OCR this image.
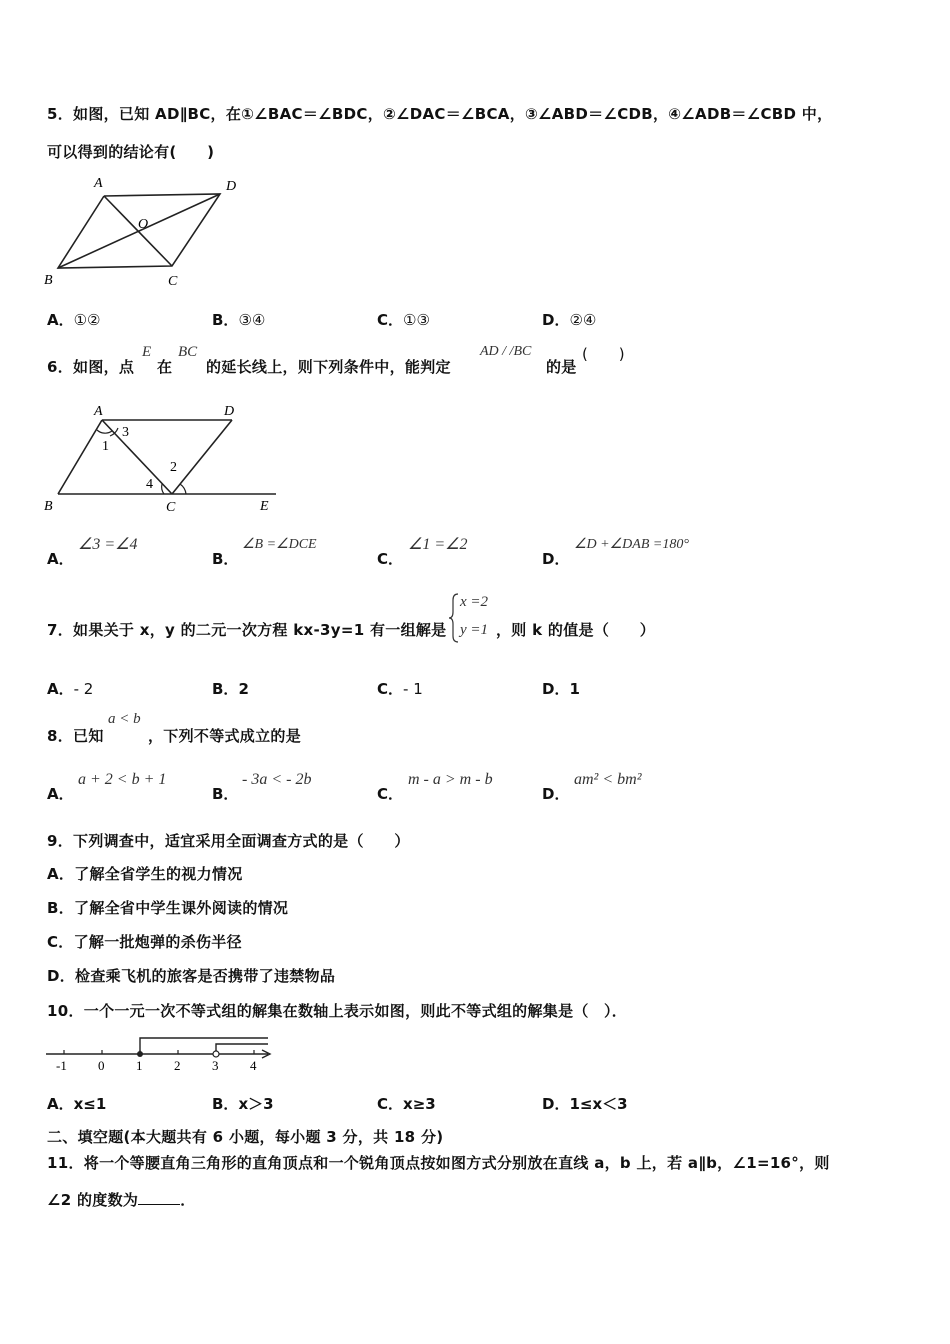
5．如图，已知 AD∥BC，在①∠BAC＝∠BDC，②∠DAC＝∠BCA，③∠ABD＝∠CDB，④∠ADB＝∠CBD 中，
可以得到的结论有(　　)
A	D
O
B	C
A．①②	B．③④	C．①③	D．②④
6．如图，点
E
在
BC
的延长线上，则下列条件中，能判定
AD / /BC
的是
(　　)
A	D
3
1
2
4
B	C	E
A．
∠3 =∠4
B．
∠B =∠DCE
C．
∠1 =∠2
D．
∠D +∠DAB =180°
7．如果关于 x，y 的二元一次方程 kx-3y=1 有一组解是
x =2
y =1 ，则 k 的值是（　　）
A．- 2	B．2	C．- 1	D．1
8．已知
a < b
，下列不等式成立的是
A．
a + 2 < b + 1
B．
- 3a < - 2b
C．
m - a > m - b
D．
am² < bm²
9．下列调查中，适宜采用全面调查方式的是（　　）
A．了解全省学生的视力情况
B．了解全省中学生课外阅读的情况
C．了解一批炮弹的杀伤半径
D．检查乘飞机的旅客是否携带了违禁物品
10．一个一元一次不等式组的解集在数轴上表示如图，则此不等式组的解集是（　）．
-1 0 1 2 3 4
A．x≤1	B．x＞3	C．x≥3	D．1≤x＜3
二、填空题(本大题共有 6 小题，每小题 3 分，共 18 分)
11．将一个等腰直角三角形的直角顶点和一个锐角顶点按如图方式分别放在直线 a，b 上，若 a∥b，∠1=16°，则
∠2 的度数为	．
